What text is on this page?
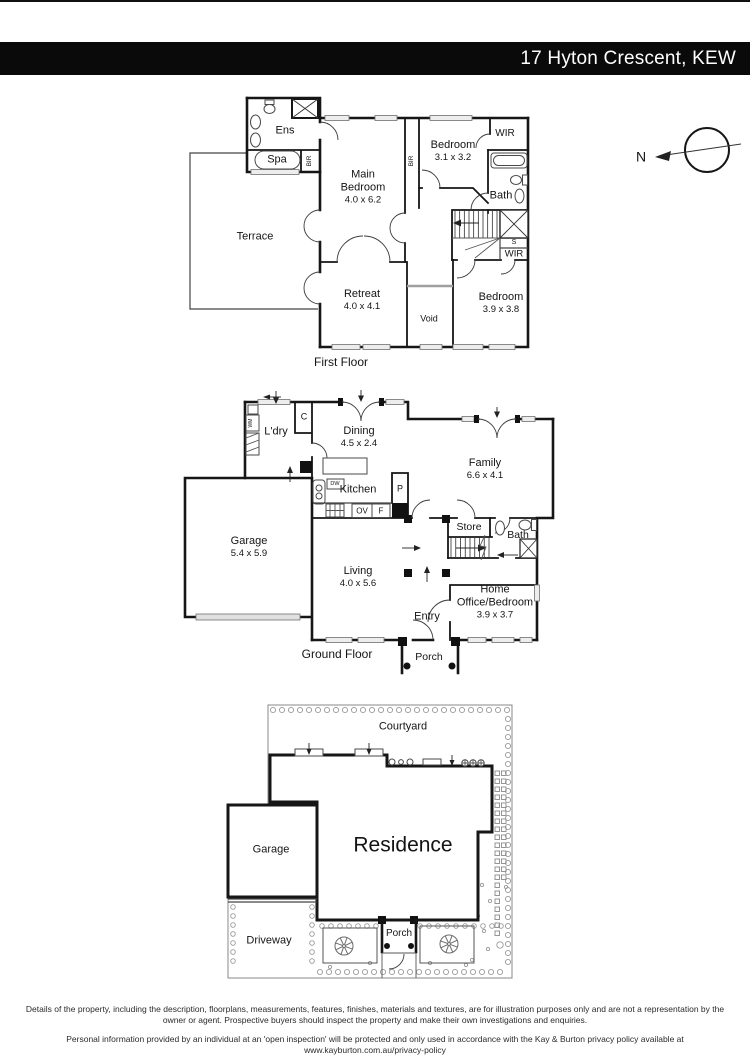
17 Hyton Crescent, KEW
Ens
Spa	BIR
Main Bedroom
4.0 x 6.2
BIR
Bedroom
3.1 x 3.2
WIR
Bath
S
WIR
Terrace
Retreat
4.0 x 4.1
Void
Bedroom
3.9 x 3.8
First Floor
N
L'dry
C
Dining
4.5 x 2.4
Family
6.6 x 4.1
Garage
5.4 x 5.9
Kitchen
DW
OV F
P
WM
Living
4.0 x 5.6
Store
Bath
Home Office/Bedroom
3.9 x 3.7
Entry
Porch
Ground Floor
Courtyard
Garage	Residence
Driveway
Porch

Details of the property, including the description, floorplans, measurements, features, finishes, materials and textures, are for illustration purposes only and are not a representation by the owner or agent. Prospective buyers should inspect the property and make their own investigations and enquiries.

Personal information provided by an individual at an 'open inspection' will be protected and only used in accordance with the Kay & Burton privacy policy available at www.kayburton.com.au/privacy-policy
